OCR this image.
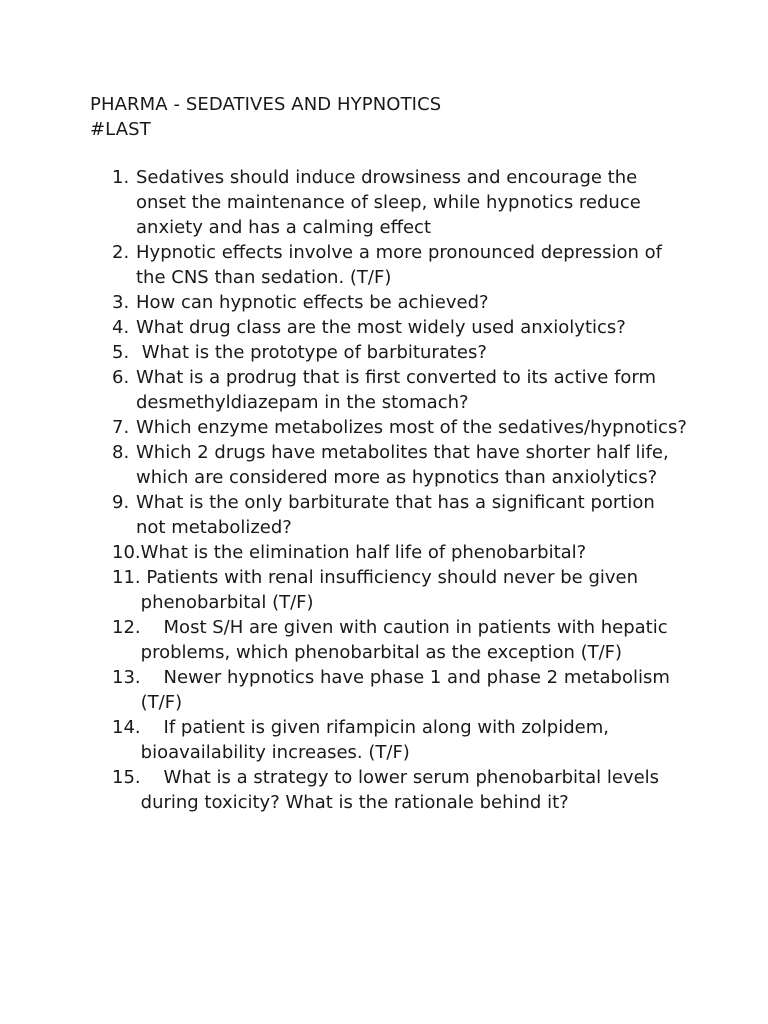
PHARMA - SEDATIVES AND HYPNOTICS
#LAST
1. Sedatives should induce drowsiness and encourage the onset the maintenance of sleep, while hypnotics reduce anxiety and has a calming effect
2. Hypnotic effects involve a more pronounced depression of the CNS than sedation. (T/F)
3. How can hypnotic effects be achieved?
4. What drug class are the most widely used anxiolytics?
5. What is the prototype of barbiturates?
6. What is a prodrug that is first converted to its active form desmethyldiazepam in the stomach?
7. Which enzyme metabolizes most of the sedatives/hypnotics?
8. Which 2 drugs have metabolites that have shorter half life, which are considered more as hypnotics than anxiolytics?
9. What is the only barbiturate that has a significant portion not metabolized?
10. What is the elimination half life of phenobarbital?
11. Patients with renal insufficiency should never be given phenobarbital (T/F)
12. Most S/H are given with caution in patients with hepatic problems, which phenobarbital as the exception (T/F)
13. Newer hypnotics have phase 1 and phase 2 metabolism (T/F)
14. If patient is given rifampicin along with zolpidem, bioavailability increases. (T/F)
15. What is a strategy to lower serum phenobarbital levels during toxicity? What is the rationale behind it?
